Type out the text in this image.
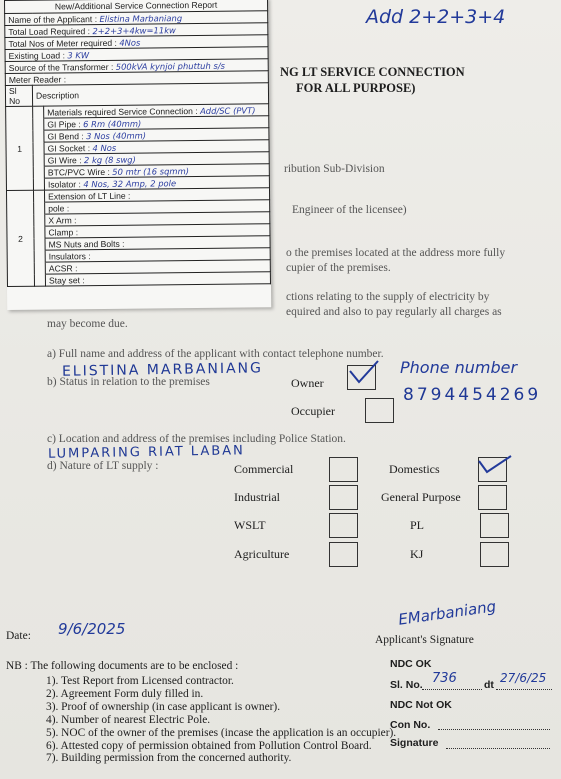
Add 2+2+3+4
NG LT SERVICE CONNECTION
FOR ALL PURPOSE)
ribution Sub-Division
Engineer of the licensee)
o the premises located at the address more fully
cupier of the premises.
ctions relating to the supply of electricity by
equired and also to pay regularly all charges as
may become due.
a) Full name and address of the applicant with contact telephone number.
ELISTINA MARBANIANG	Phone number
8794454269
b) Status in relation to the premises	Owner
Occupier
c) Location and address of the premises including Police Station.
LUMPARING RIAT LABAN
d) Nature of LT supply :	Commercial	Domestics
Industrial	General Purpose
WSLT	PL
Agriculture	KJ
Date: 9/6/2025
EMarbaniang
Applicant's Signature
NB : The following documents are to be enclosed :
1). Test Report from Licensed contractor.
2). Agreement Form duly filled in.
3). Proof of ownership (in case applicant is owner).
4). Number of nearest Electric Pole.
5). NOC of the owner of the premises (incase the application is an occupier).
6). Attested copy of permission obtained from Pollution Control Board.
7). Building permission from the concerned authority.
NDC OK
Sl. No. 736	dt 27/6/25
NDC Not OK
Con No.
Signature
New/Additional Service Connection Report
Name of the Applicant : Elistina Marbaniang		
Total Load Required : 2+2+3+4kw=11kw		
Total Nos of Meter required : 4Nos		
Existing Load : 3 KW		
Source of the Transformer : 500kVA kynjoi phuttuh s/s		
Meter Reader :		
Sl No	Description	
1		Materials required Service Connection : Add/SC (PVT)
		GI Pipe : 6 Rm (40mm)
		GI Bend : 3 Nos (40mm)
		GI Socket : 4 Nos
		GI Wire : 2 kg (8 swg)
		BTC/PVC Wire : 50 mtr (16 sqmm)
		Isolator : 4 Nos, 32 Amp, 2 pole
2		Extension of LT Line :
		pole :
		X Arm :
		Clamp :
		MS Nuts and Bolts :
		Insulators :
		ACSR :
		Stay set :
